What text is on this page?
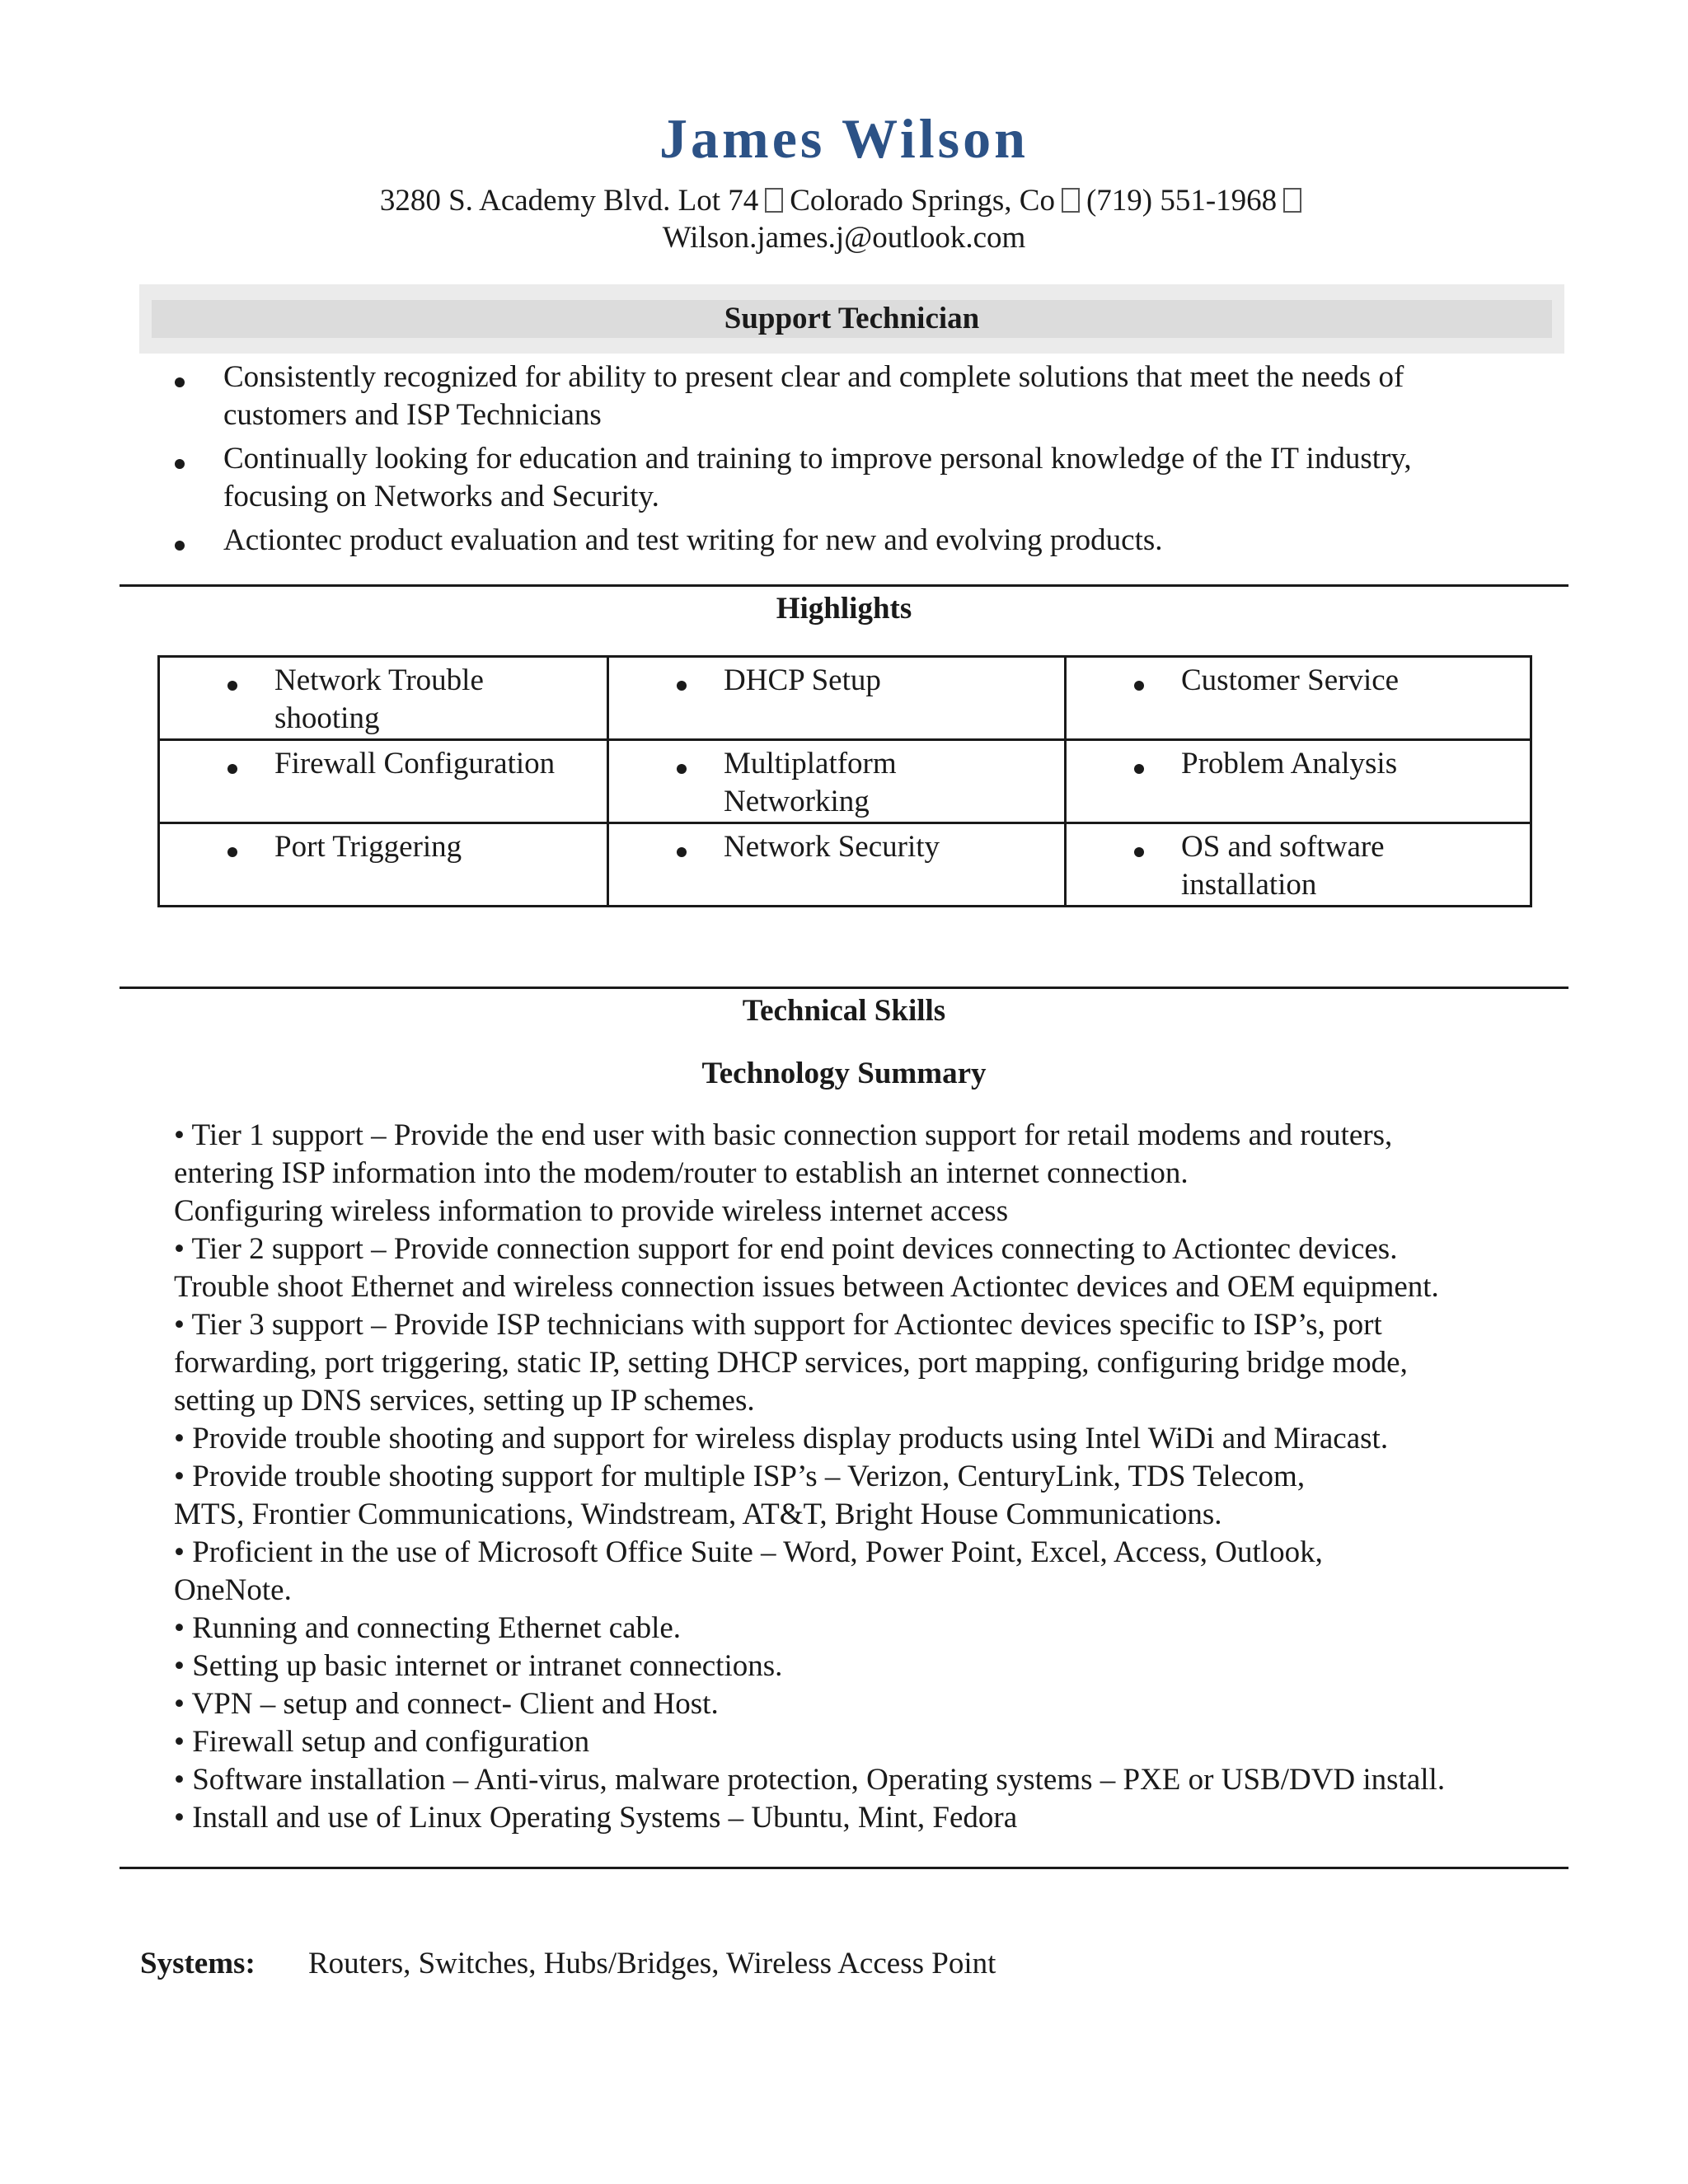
James Wilson
3280 S. Academy Blvd. Lot 74 Colorado Springs, Co (719) 551-1968
Wilson.james.j@outlook.com
Support Technician
Consistently recognized for ability to present clear and complete solutions that meet the needs of customers and ISP Technicians
Continually looking for education and training to improve personal knowledge of the IT industry, focusing on Networks and Security.
Actiontec product evaluation and test writing for new and evolving products.
Highlights
Network Trouble shooting	DHCP Setup	Customer Service

Firewall Configuration	Multiplatform Networking	Problem Analysis

Port Triggering	Network Security	OS and software installation
Technical Skills
Technology Summary
• Tier 1 support – Provide the end user with basic connection support for retail modems and routers,
entering ISP information into the modem/router to establish an internet connection.
Configuring wireless information to provide wireless internet access
• Tier 2 support – Provide connection support for end point devices connecting to Actiontec devices.
Trouble shoot Ethernet and wireless connection issues between Actiontec devices and OEM equipment.
• Tier 3 support – Provide ISP technicians with support for Actiontec devices specific to ISP’s, port
forwarding, port triggering, static IP, setting DHCP services, port mapping, configuring bridge mode,
setting up DNS services, setting up IP schemes.
• Provide trouble shooting and support for wireless display products using Intel WiDi and Miracast.
• Provide trouble shooting support for multiple ISP’s – Verizon, CenturyLink, TDS Telecom,
MTS, Frontier Communications, Windstream, AT&T, Bright House Communications.
• Proficient in the use of Microsoft Office Suite – Word, Power Point, Excel, Access, Outlook,
OneNote.
• Running and connecting Ethernet cable.
• Setting up basic internet or intranet connections.
• VPN – setup and connect- Client and Host.
• Firewall setup and configuration
• Software installation – Anti-virus, malware protection, Operating systems – PXE or USB/DVD install.
• Install and use of Linux Operating Systems – Ubuntu, Mint, Fedora
Systems: Routers, Switches, Hubs/Bridges, Wireless Access Point
